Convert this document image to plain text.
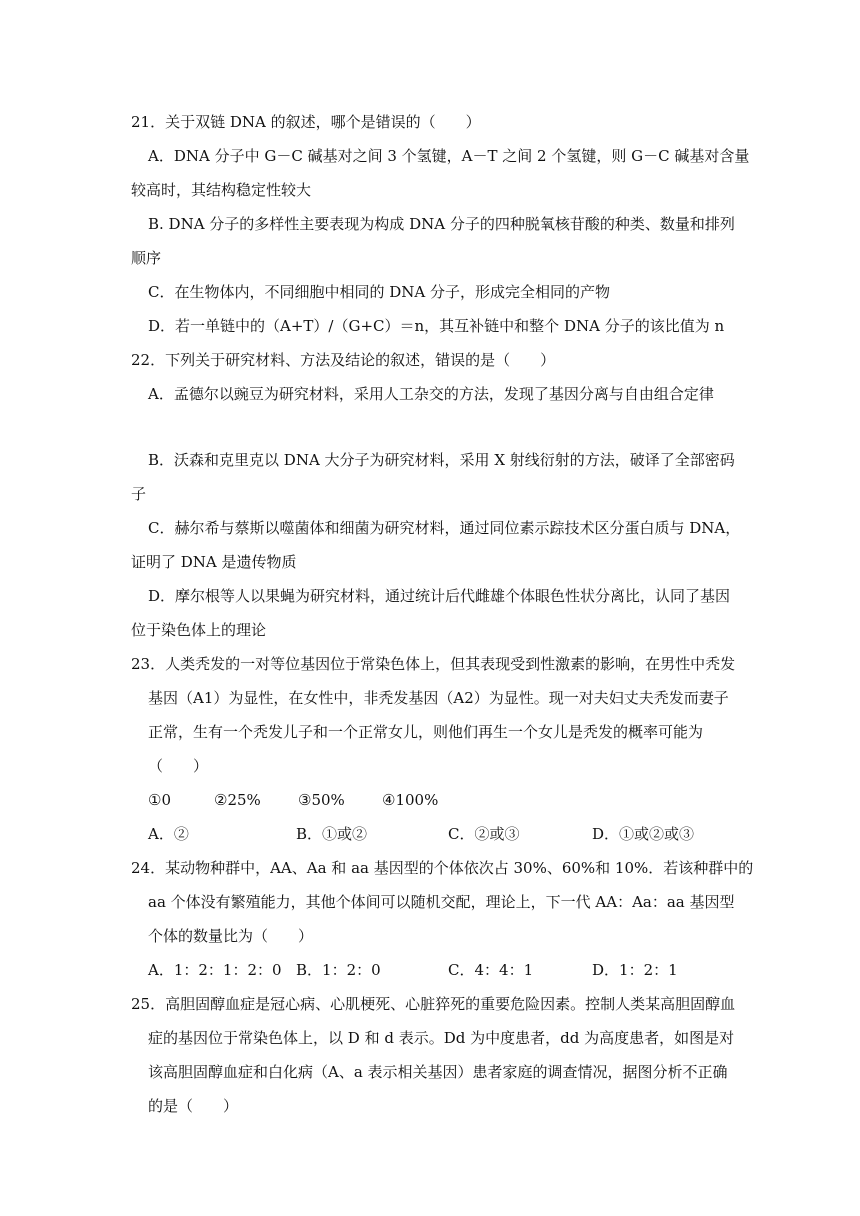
21．关于双链 DNA 的叙述，哪个是错误的（　　）
A．DNA 分子中 G－C 碱基对之间 3 个氢键，A－T 之间 2 个氢键，则 G－C 碱基对含量
较高时，其结构稳定性较大
B. DNA 分子的多样性主要表现为构成 DNA 分子的四种脱氧核苷酸的种类、数量和排列
顺序
C．在生物体内，不同细胞中相同的 DNA 分子，形成完全相同的产物
D．若一单链中的（A+T）/（G+C）＝n，其互补链中和整个 DNA 分子的该比值为 n
22．下列关于研究材料、方法及结论的叙述，错误的是（　　）
A．孟德尔以豌豆为研究材料，采用人工杂交的方法，发现了基因分离与自由组合定律
B．沃森和克里克以 DNA 大分子为研究材料，采用 X 射线衍射的方法，破译了全部密码
子
C．赫尔希与蔡斯以噬菌体和细菌为研究材料，通过同位素示踪技术区分蛋白质与 DNA，
证明了 DNA 是遗传物质
D．摩尔根等人以果蝇为研究材料，通过统计后代雌雄个体眼色性状分离比，认同了基因
位于染色体上的理论
23．人类秃发的一对等位基因位于常染色体上，但其表现受到性激素的影响，在男性中秃发
基因（A1）为显性，在女性中，非秃发基因（A2）为显性。现一对夫妇丈夫秃发而妻子
正常，生有一个秃发儿子和一个正常女儿，则他们再生一个女儿是秃发的概率可能为
（　　）
①0	②25% ③50% ④100%
A．②	B．①或②	C．②或③	D．①或②或③
24．某动物种群中，AA、Aa 和 aa 基因型的个体依次占 30%、60%和 10%．若该种群中的
aa 个体没有繁殖能力，其他个体间可以随机交配，理论上，下一代 AA：Aa：aa 基因型
个体的数量比为（　　）
A．1：2：1：2：0 B．1：2：0	C．4：4：1	D．1：2：1
25．高胆固醇血症是冠心病、心肌梗死、心脏猝死的重要危险因素。控制人类某高胆固醇血
症的基因位于常染色体上，以 D 和 d 表示。Dd 为中度患者，dd 为高度患者，如图是对
该高胆固醇血症和白化病（A、a 表示相关基因）患者家庭的调查情况，据图分析不正确
的是（　　）
